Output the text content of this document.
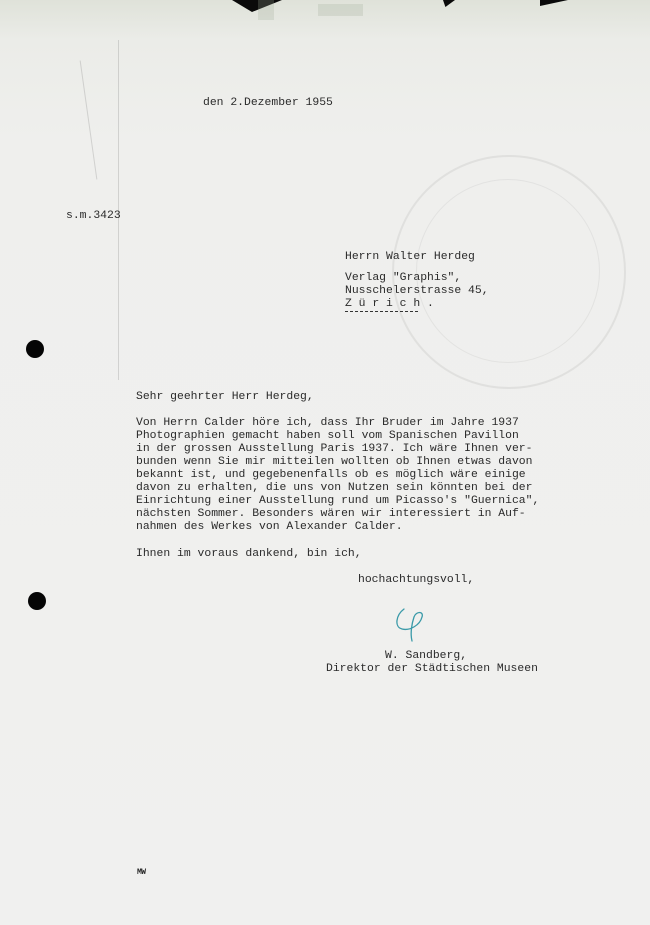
den 2.Dezember 1955
s.m.3423
Herrn Walter Herdeg
Verlag "Graphis",
Nusschelerstrasse 45,
Z ü r i c h .
Sehr geehrter Herr Herdeg,
Von Herrn Calder höre ich, dass Ihr Bruder im Jahre 1937
Photographien gemacht haben soll vom Spanischen Pavillon
in der grossen Ausstellung Paris 1937. Ich wäre Ihnen ver-
bunden wenn Sie mir mitteilen wollten ob Ihnen etwas davon
bekannt ist, und gegebenenfalls ob es möglich wäre einige
davon zu erhalten, die uns von Nutzen sein könnten bei der
Einrichtung einer Ausstellung rund um Picasso's "Guernica",
nächsten Sommer. Besonders wären wir interessiert in Auf-
nahmen des Werkes von Alexander Calder.
Ihnen im voraus dankend, bin ich,
hochachtungsvoll,
W. Sandberg,
Direktor der Städtischen Museen
MW
